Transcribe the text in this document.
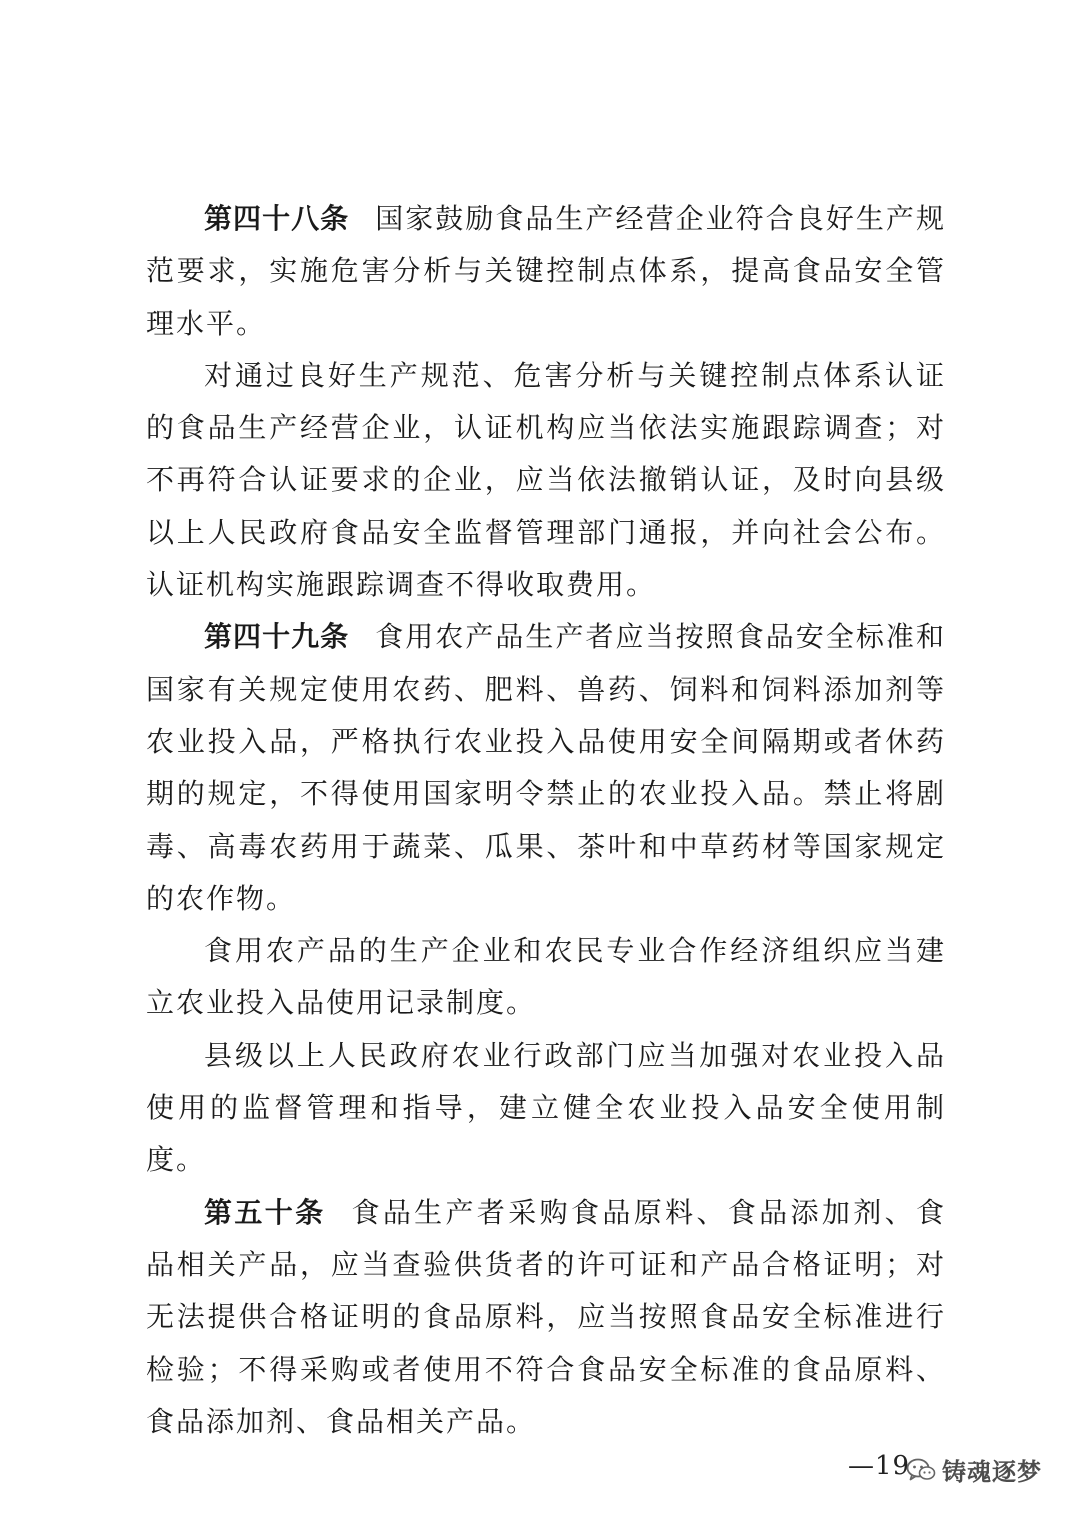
第四十八条 国家鼓励食品生产经营企业符合良好生产规范要求，实施危害分析与关键控制点体系，提高食品安全管理水平。

对通过良好生产规范、危害分析与关键控制点体系认证的食品生产经营企业，认证机构应当依法实施跟踪调查；对不再符合认证要求的企业，应当依法撤销认证，及时向县级以上人民政府食品安全监督管理部门通报，并向社会公布。认证机构实施跟踪调查不得收取费用。

第四十九条 食用农产品生产者应当按照食品安全标准和国家有关规定使用农药、肥料、兽药、饲料和饲料添加剂等农业投入品，严格执行农业投入品使用安全间隔期或者休药期的规定，不得使用国家明令禁止的农业投入品。禁止将剧毒、高毒农药用于蔬菜、瓜果、茶叶和中草药材等国家规定的农作物。

食用农产品的生产企业和农民专业合作经济组织应当建立农业投入品使用记录制度。

县级以上人民政府农业行政部门应当加强对农业投入品使用的监督管理和指导，建立健全农业投入品安全使用制度。

第五十条 食品生产者采购食品原料、食品添加剂、食品相关产品，应当查验供货者的许可证和产品合格证明；对无法提供合格证明的食品原料，应当按照食品安全标准进行检验；不得采购或者使用不符合食品安全标准的食品原料、食品添加剂、食品相关产品。

—19 铸魂逐梦
